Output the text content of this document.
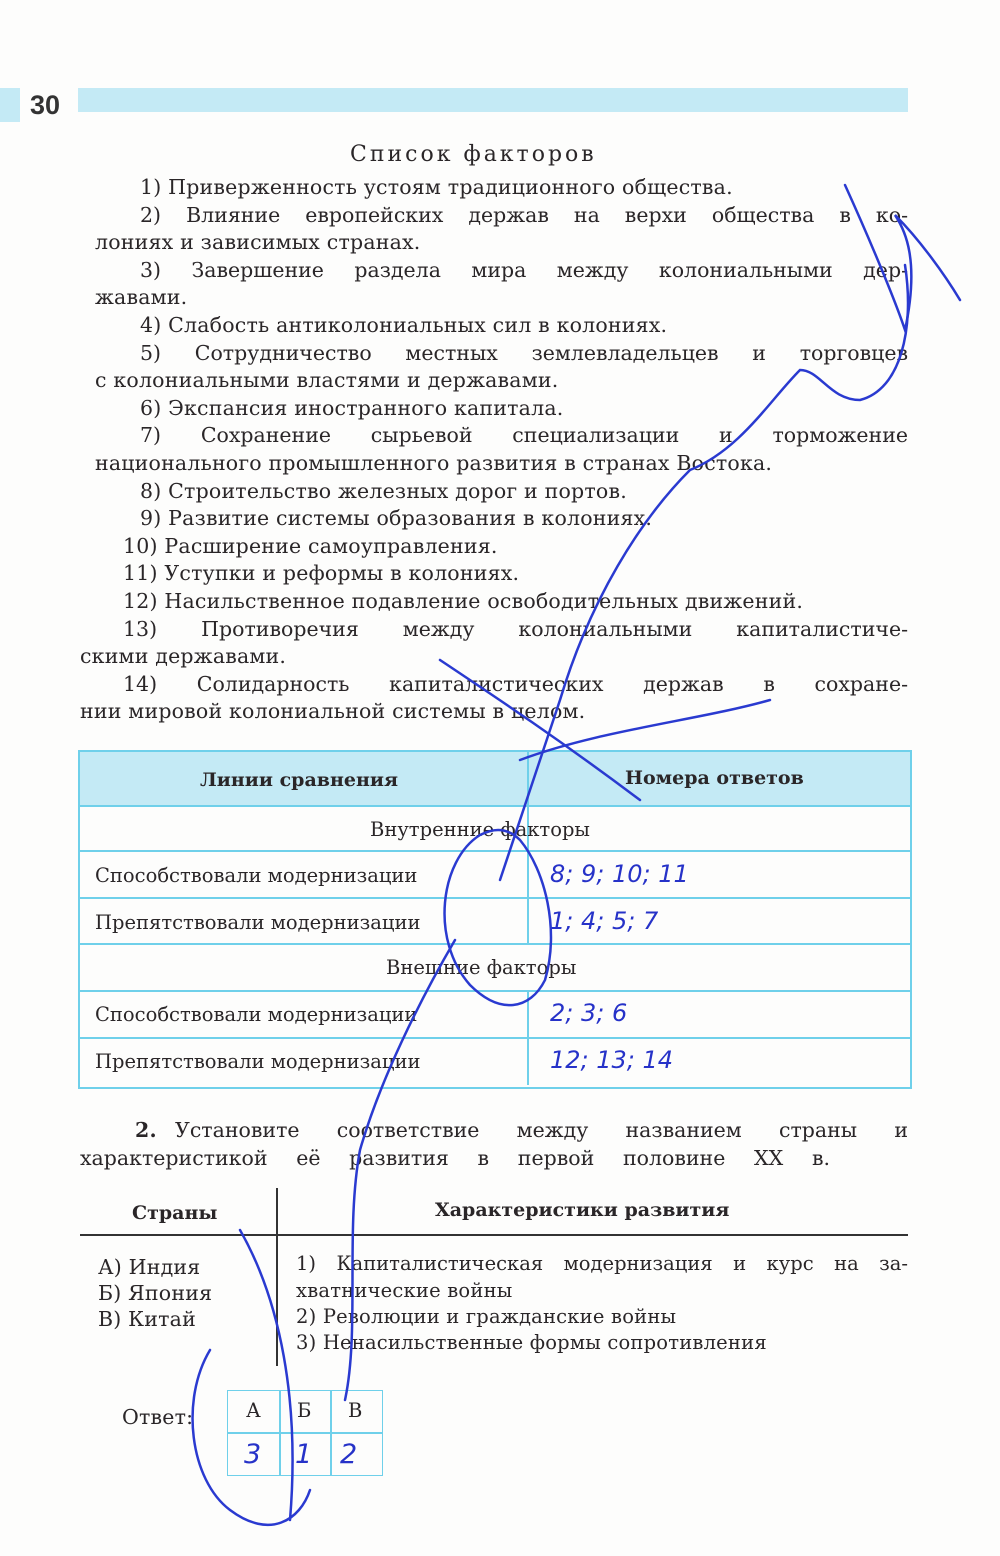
30
Список факторов
1) Приверженность устоям традиционного общества.
2) Влияние европейских держав на верхи общества в ко-
лониях и зависимых странах.
3) Завершение раздела мира между колониальными дер-
жавами.
4) Слабость антиколониальных сил в колониях.
5) Сотрудничество местных землевладельцев и торговцев
с колониальными властями и державами.
6) Экспансия иностранного капитала.
7) Сохранение сырьевой специализации и торможение
национального промышленного развития в странах Востока.
8) Строительство железных дорог и портов.
9) Развитие системы образования в колониях.
10) Расширение самоуправления.
11) Уступки и реформы в колониях.
12) Насильственное подавление освободительных движений.
13) Противоречия между колониальными капиталистиче-
скими державами.
14) Солидарность капиталистических держав в сохране-
нии мировой колониальной системы в целом.
Линии сравнения	Номера ответов
Внутренние факторы
Способствовали модернизации	8; 9; 10; 11
Препятствовали модернизации	1; 4; 5; 7
Внешние факторы
Способствовали модернизации	2; 3; 6
Препятствовали модернизации	12; 13; 14
2. Установите соответствие между названием страны и
характеристикой её развития в первой половине XX в.
Страны	Характеристики развития
А) Индия
Б) Япония
В) Китай
1) Капиталистическая модернизация и курс на за-
хватнические войны
2) Революции и гражданские войны
3) Ненасильственные формы сопротивления
Ответ:	А Б В
3 1 2
